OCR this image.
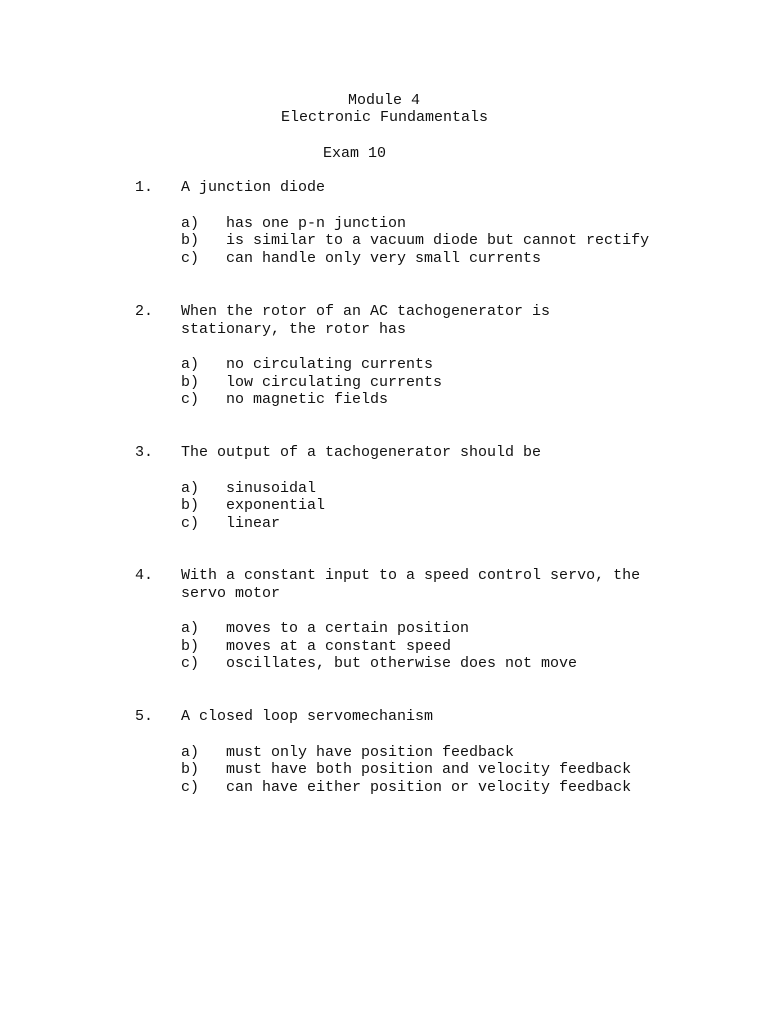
Module 4
Electronic Fundamentals
Exam 10
1. A junction diode
a) has one p-n junction
b) is similar to a vacuum diode but cannot rectify
c) can handle only very small currents
2. When the rotor of an AC tachogenerator is
stationary, the rotor has
a) no circulating currents
b) low circulating currents
c) no magnetic fields
3. The output of a tachogenerator should be
a) sinusoidal
b) exponential
c) linear
4. With a constant input to a speed control servo, the
servo motor
a) moves to a certain position
b) moves at a constant speed
c) oscillates, but otherwise does not move
5. A closed loop servomechanism
a) must only have position feedback
b) must have both position and velocity feedback
c) can have either position or velocity feedback
